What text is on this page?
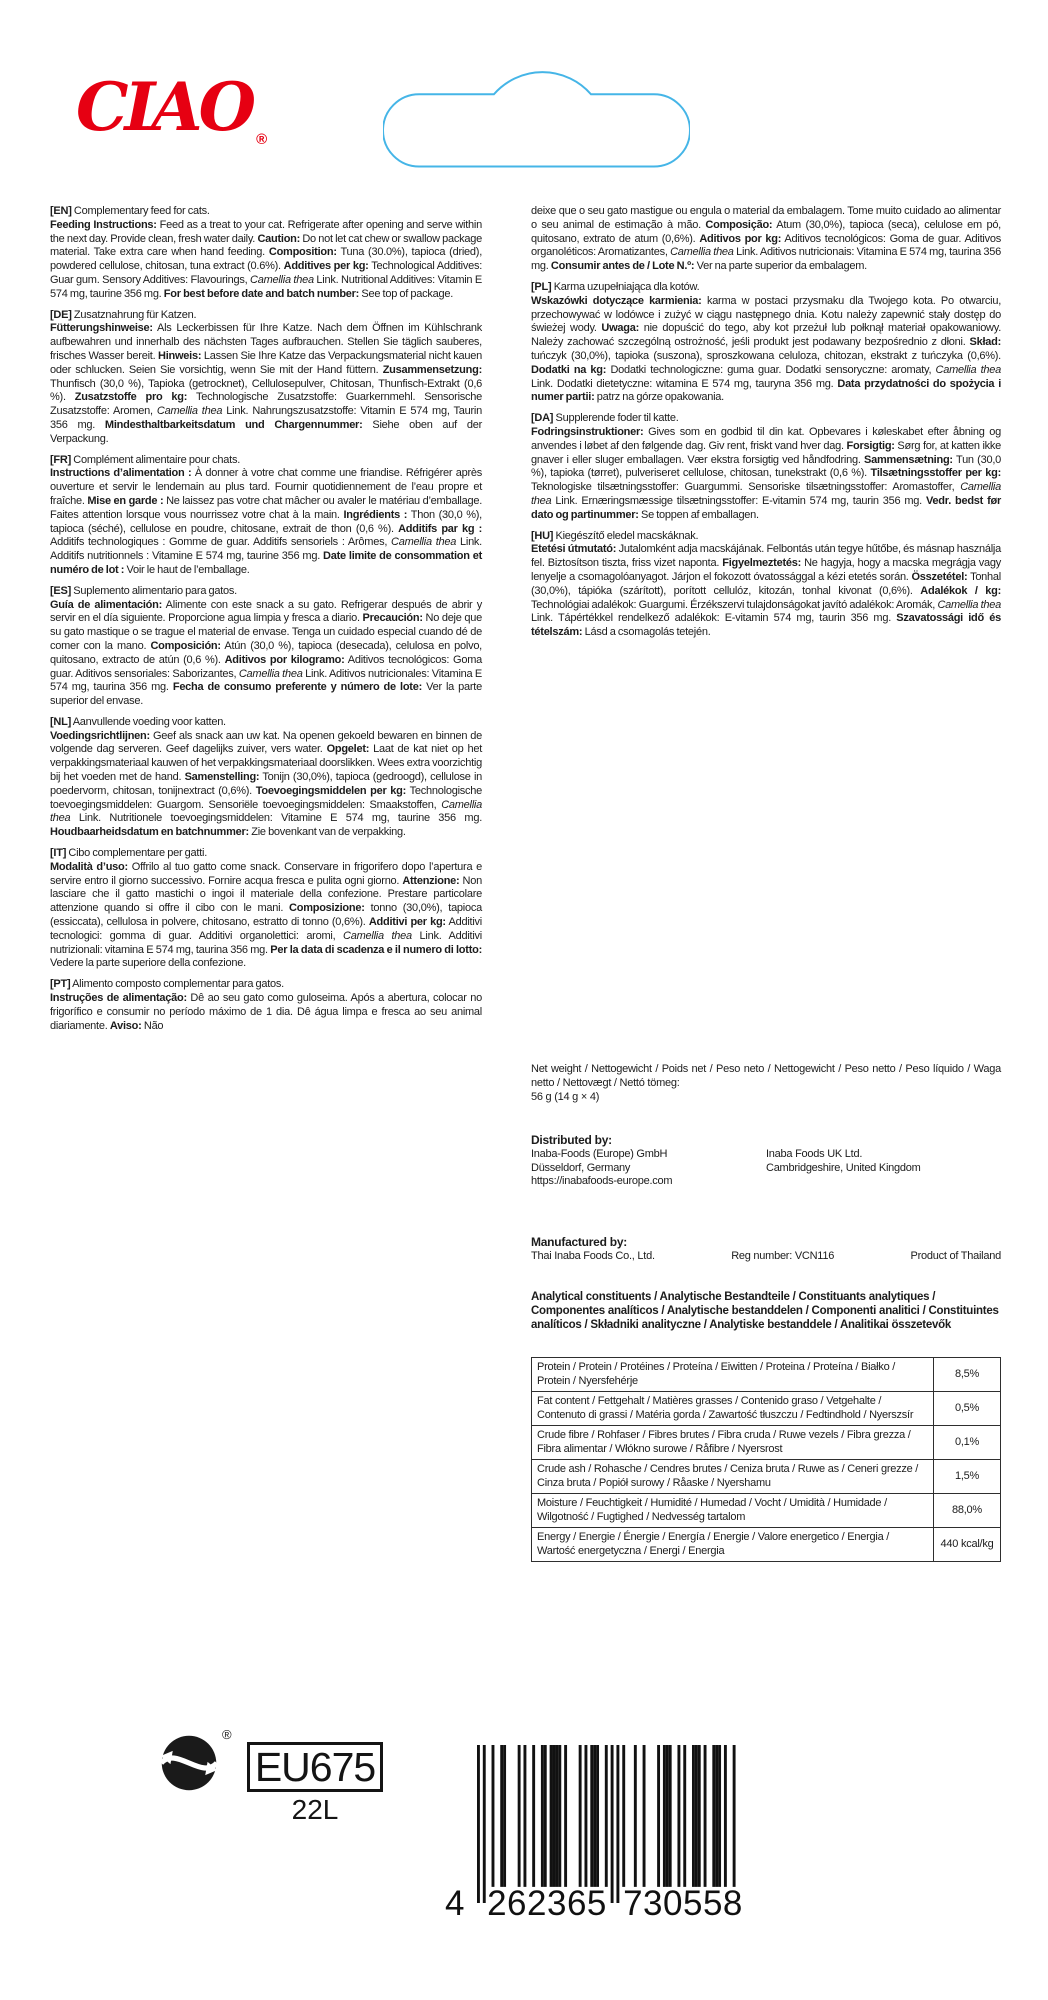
CIAO $_®$
[EN] Complementary feed for cats.

Feeding Instructions: Feed as a treat to your cat. Refrigerate after opening and serve within the next day. Provide clean, fresh water daily. Caution: Do not let cat chew or swallow package material. Take extra care when hand feeding. Composition: Tuna (30.0%), tapioca (dried), powdered cellulose, chitosan, tuna extract (0.6%). Additives per kg: Technological Additives: Guar gum. Sensory Additives: Flavourings, Camellia thea Link. Nutritional Additives: Vitamin E 574 mg, taurine 356 mg. For best before date and batch number: See top of package.

[DE] Zusatznahrung für Katzen.

Fütterungshinweise: Als Leckerbissen für Ihre Katze. Nach dem Öffnen im Kühlschrank aufbewahren und innerhalb des nächsten Tages aufbrauchen. Stellen Sie täglich sauberes, frisches Wasser bereit. Hinweis: Lassen Sie Ihre Katze das Verpackungsmaterial nicht kauen oder schlucken. Seien Sie vorsichtig, wenn Sie mit der Hand füttern. Zusammensetzung: Thunfisch (30,0 %), Tapioka (getrocknet), Cellulosepulver, Chitosan, Thunfisch-Extrakt (0,6 %). Zusatzstoffe pro kg: Technologische Zusatzstoffe: Guarkernmehl. Sensorische Zusatzstoffe: Aromen, Camellia thea Link. Nahrungszusatzstoffe: Vitamin E 574 mg, Taurin 356 mg. Mindesthaltbarkeitsdatum und Chargennummer: Siehe oben auf der Verpackung.

[FR] Complément alimentaire pour chats.

Instructions d’alimentation : À donner à votre chat comme une friandise. Réfrigérer après ouverture et servir le lendemain au plus tard. Fournir quotidiennement de l’eau propre et fraîche. Mise en garde : Ne laissez pas votre chat mâcher ou avaler le matériau d’emballage. Faites attention lorsque vous nourrissez votre chat à la main. Ingrédients : Thon (30,0 %), tapioca (séché), cellulose en poudre, chitosane, extrait de thon (0,6 %). Additifs par kg : Additifs technologiques : Gomme de guar. Additifs sensoriels : Arômes, Camellia thea Link. Additifs nutritionnels : Vitamine E 574 mg, taurine 356 mg. Date limite de consommation et numéro de lot : Voir le haut de l’emballage.

[ES] Suplemento alimentario para gatos.

Guía de alimentación: Alimente con este snack a su gato. Refrigerar después de abrir y servir en el día siguiente. Proporcione agua limpia y fresca a diario. Precaución: No deje que su gato mastique o se trague el material de envase. Tenga un cuidado especial cuando dé de comer con la mano. Composición: Atún (30,0 %), tapioca (desecada), celulosa en polvo, quitosano, extracto de atún (0,6 %). Aditivos por kilogramo: Aditivos tecnológicos: Goma guar. Aditivos sensoriales: Saborizantes, Camellia thea Link. Aditivos nutricionales: Vitamina E 574 mg, taurina 356 mg. Fecha de consumo preferente y número de lote: Ver la parte superior del envase.

[NL] Aanvullende voeding voor katten.

Voedingsrichtlijnen: Geef als snack aan uw kat. Na openen gekoeld bewaren en binnen de volgende dag serveren. Geef dagelijks zuiver, vers water. Opgelet: Laat de kat niet op het verpakkingsmateriaal kauwen of het verpakkingsmateriaal doorslikken. Wees extra voorzichtig bij het voeden met de hand. Samenstelling: Tonijn (30,0%), tapioca (gedroogd), cellulose in poedervorm, chitosan, tonijnextract (0,6%). Toevoegingsmiddelen per kg: Technologische toevoegingsmiddelen: Guargom. Sensoriële toevoegingsmiddelen: Smaakstoffen, Camellia thea Link. Nutritionele toevoegingsmiddelen: Vitamine E 574 mg, taurine 356 mg. Houdbaarheidsdatum en batchnummer: Zie bovenkant van de verpakking.

[IT] Cibo complementare per gatti.

Modalità d’uso: Offrilo al tuo gatto come snack. Conservare in frigorifero dopo l’apertura e servire entro il giorno successivo. Fornire acqua fresca e pulita ogni giorno. Attenzione: Non lasciare che il gatto mastichi o ingoi il materiale della confezione. Prestare particolare attenzione quando si offre il cibo con le mani. Composizione: tonno (30,0%), tapioca (essiccata), cellulosa in polvere, chitosano, estratto di tonno (0,6%). Additivi per kg: Additivi tecnologici: gomma di guar. Additivi organolettici: aromi, Camellia thea Link. Additivi nutrizionali: vitamina E 574 mg, taurina 356 mg. Per la data di scadenza e il numero di lotto: Vedere la parte superiore della confezione.

[PT] Alimento composto complementar para gatos.

Instruções de alimentação: Dê ao seu gato como guloseima. Após a abertura, colocar no frigorífico e consumir no período máximo de 1 dia. Dê água limpa e fresca ao seu animal diariamente. Aviso: Não

deixe que o seu gato mastigue ou engula o material da embalagem. Tome muito cuidado ao alimentar o seu animal de estimação à mão. Composição: Atum (30,0%), tapioca (seca), celulose em pó, quitosano, extrato de atum (0,6%). Aditivos por kg: Aditivos tecnológicos: Goma de guar. Aditivos organoléticos: Aromatizantes, Camellia thea Link. Aditivos nutricionais: Vitamina E 574 mg, taurina 356 mg. Consumir antes de / Lote N.º: Ver na parte superior da embalagem.

[PL] Karma uzupełniająca dla kotów.

Wskazówki dotyczące karmienia: karma w postaci przysmaku dla Twojego kota. Po otwarciu, przechowywać w lodówce i zużyć w ciągu następnego dnia. Kotu należy zapewnić stały dostęp do świeżej wody. Uwaga: nie dopuścić do tego, aby kot przeżuł lub połknął materiał opakowaniowy. Należy zachować szczególną ostrożność, jeśli produkt jest podawany bezpośrednio z dłoni. Skład: tuńczyk (30,0%), tapioka (suszona), sproszkowana celuloza, chitozan, ekstrakt z tuńczyka (0,6%). Dodatki na kg: Dodatki technologiczne: guma guar. Dodatki sensoryczne: aromaty, Camellia thea Link. Dodatki dietetyczne: witamina E 574 mg, tauryna 356 mg. Data przydatności do spożycia i numer partii: patrz na górze opakowania.

[DA] Supplerende foder til katte.

Fodringsinstruktioner: Gives som en godbid til din kat. Opbevares i køleskabet efter åbning og anvendes i løbet af den følgende dag. Giv rent, friskt vand hver dag. Forsigtig: Sørg for, at katten ikke gnaver i eller sluger emballagen. Vær ekstra forsigtig ved håndfodring. Sammensætning: Tun (30,0 %), tapioka (tørret), pulveriseret cellulose, chitosan, tunekstrakt (0,6 %). Tilsætningsstoffer per kg: Teknologiske tilsætningsstoffer: Guargummi. Sensoriske tilsætningsstoffer: Aromastoffer, Camellia thea Link. Ernæringsmæssige tilsætningsstoffer: E-vitamin 574 mg, taurin 356 mg. Vedr. bedst før dato og partinummer: Se toppen af emballagen.

[HU] Kiegészítő eledel macskáknak.

Etetési útmutató: Jutalomként adja macskájának. Felbontás után tegye hűtőbe, és másnap használja fel. Biztosítson tiszta, friss vizet naponta. Figyelmeztetés: Ne hagyja, hogy a macska megrágja vagy lenyelje a csomagolóanyagot. Járjon el fokozott óvatossággal a kézi etetés során. Összetétel: Tonhal (30,0%), tápióka (szárított), porított cellulóz, kitozán, tonhal kivonat (0,6%). Adalékok / kg: Technológiai adalékok: Guargumi. Érzékszervi tulajdonságokat javító adalékok: Aromák, Camellia thea Link. Tápértékkel rendelkező adalékok: E-vitamin 574 mg, taurin 356 mg. Szavatossági idő és tételszám: Lásd a csomagolás tetején.

Net weight / Nettogewicht / Poids net / Peso neto / Nettogewicht / Peso netto / Peso líquido / Waga netto / Nettovægt / Nettó tömeg:

56 g (14 g × 4)

Distributed by:

Inaba-Foods (Europe) GmbH
Düsseldorf, Germany
https://inabafoods-europe.com
Inaba Foods UK Ltd.
Cambridgeshire, United Kingdom

Manufactured by:

Thai Inaba Foods Co., Ltd.	Reg number: VCN116	Product of Thailand
Analytical constituents / Analytische Bestandteile / Constituants analytiques / Componentes analíticos / Analytische bestanddelen / Componenti analitici / Constituintes analíticos / Składniki analityczne / Analytiske bestanddele / Analitikai összetevők
Protein / Protein / Protéines / Proteína / Eiwitten / Proteina / Proteína / Białko / Protein / Nyersfehérje	8,5%
Fat content / Fettgehalt / Matières grasses / Contenido graso / Vetgehalte / Contenuto di grassi / Matéria gorda / Zawartość tłuszczu / Fedtindhold / Nyerszsír	0,5%
Crude fibre / Rohfaser / Fibres brutes / Fibra cruda / Ruwe vezels / Fibra grezza / Fibra alimentar / Włókno surowe / Råfibre / Nyersrost	0,1%
Crude ash / Rohasche / Cendres brutes / Ceniza bruta / Ruwe as / Ceneri grezze / Cinza bruta / Popiół surowy / Råaske / Nyershamu	1,5%
Moisture / Feuchtigkeit / Humidité / Humedad / Vocht / Umidità / Humidade / Wilgotność / Fugtighed / Nedvesség tartalom	88,0%
Energy / Energie / Énergie / Energía / Energie / Valore energetico / Energia / Wartość energetyczna / Energi / Energia	440 kcal/kg
®
EU675
22L
4 262365 730558
